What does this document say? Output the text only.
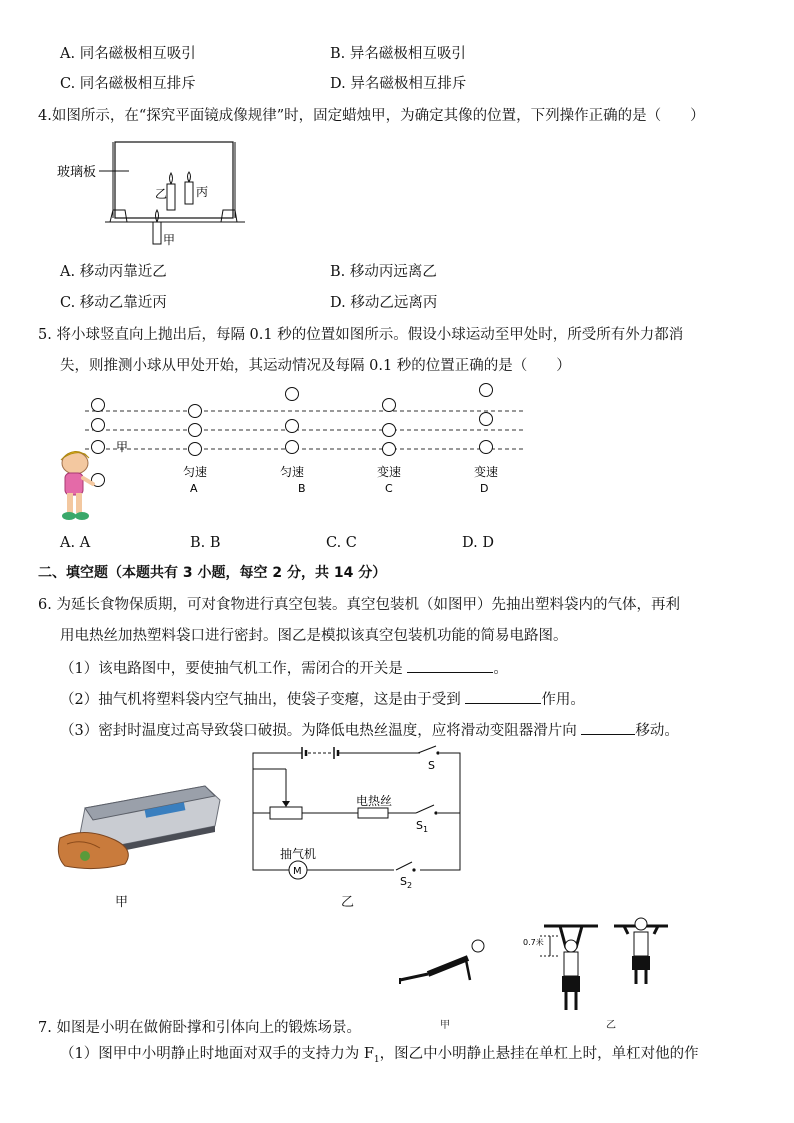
A. 同名磁极相互吸引	B. 异名磁极相互吸引
C. 同名磁极相互排斥	D. 异名磁极相互排斥
4.如图所示，在“探究平面镜成像规律”时，固定蜡烛甲，为确定其像的位置，下列操作正确的是（　　）
玻璃板
乙 丙
甲
A. 移动丙靠近乙	B. 移动丙远离乙
C. 移动乙靠近丙	D. 移动乙远离丙
5. 将小球竖直向上抛出后，每隔 0.1 秒的位置如图所示。假设小球运动至甲处时，所受所有外力都消
失，则推测小球从甲处开始，其运动情况及每隔 0.1 秒的位置正确的是（　　）
甲
匀速
A
匀速
B
变速
C
变速
D
A. A	B. B	C. C	D. D
二、填空题（本题共有 3 小题，每空 2 分，共 14 分）
6. 为延长食物保质期，可对食物进行真空包装。真空包装机（如图甲）先抽出塑料袋内的气体，再利
用电热丝加热塑料袋口进行密封。图乙是模拟该真空包装机功能的简易电路图。
（1）该电路图中，要使抽气机工作，需闭合的开关是	。
（2）抽气机将塑料袋内空气抽出，使袋子变瘪，这是由于受到	作用。
（3）密封时温度过高导致袋口破损。为降低电热丝温度，应将滑动变阻器滑片向	移动。
甲
S
电热丝
$S_1$
M
抽气机
$S_2$
乙
甲
0.7米
乙
7. 如图是小明在做俯卧撑和引体向上的锻炼场景。
（1）图甲中小明静止时地面对双手的支持力为 $F_1$，图乙中小明静止悬挂在单杠上时，单杠对他的作
